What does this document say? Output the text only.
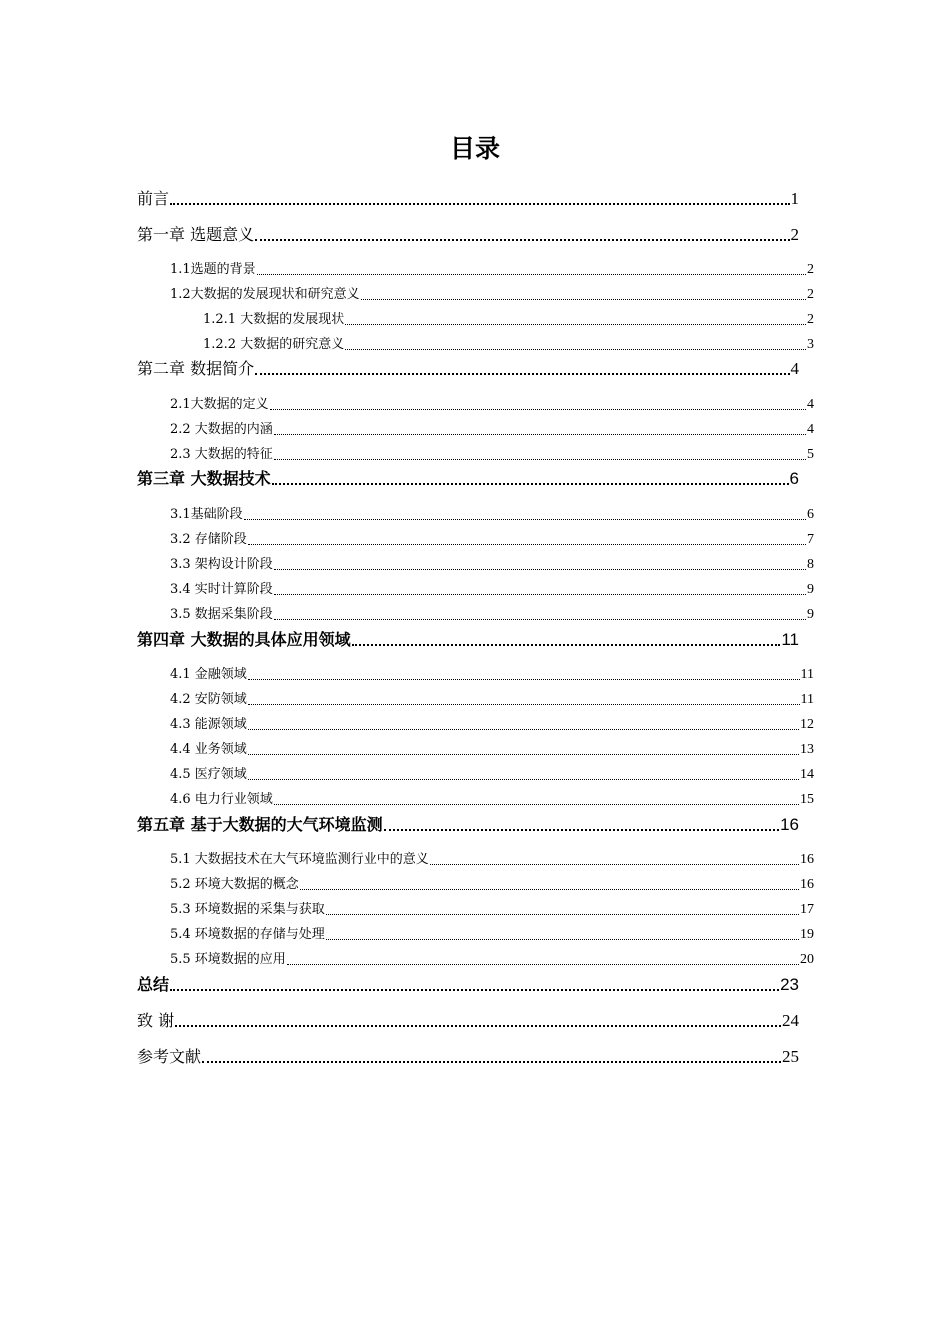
目录
前言	1
第一章 选题意义	2
1.1选题的背景	2
1.2大数据的发展现状和研究意义	2
1.2.1 大数据的发展现状	2
1.2.2 大数据的研究意义	3
第二章 数据简介	4
2.1大数据的定义	4
2.2 大数据的内涵	4
2.3 大数据的特征	5
第三章 大数据技术	6
3.1基础阶段	6
3.2 存储阶段	7
3.3 架构设计阶段	8
3.4 实时计算阶段	9
3.5 数据采集阶段	9
第四章 大数据的具体应用领域	11
4.1 金融领域	11
4.2 安防领域	11
4.3 能源领域	12
4.4 业务领域	13
4.5 医疗领域	14
4.6 电力行业领域	15
第五章 基于大数据的大气环境监测	16
5.1 大数据技术在大气环境监测行业中的意义	16
5.2 环境大数据的概念	16
5.3 环境数据的采集与获取	17
5.4 环境数据的存储与处理	19
5.5 环境数据的应用	20
总结	23
致 谢	24
参考文献	25
